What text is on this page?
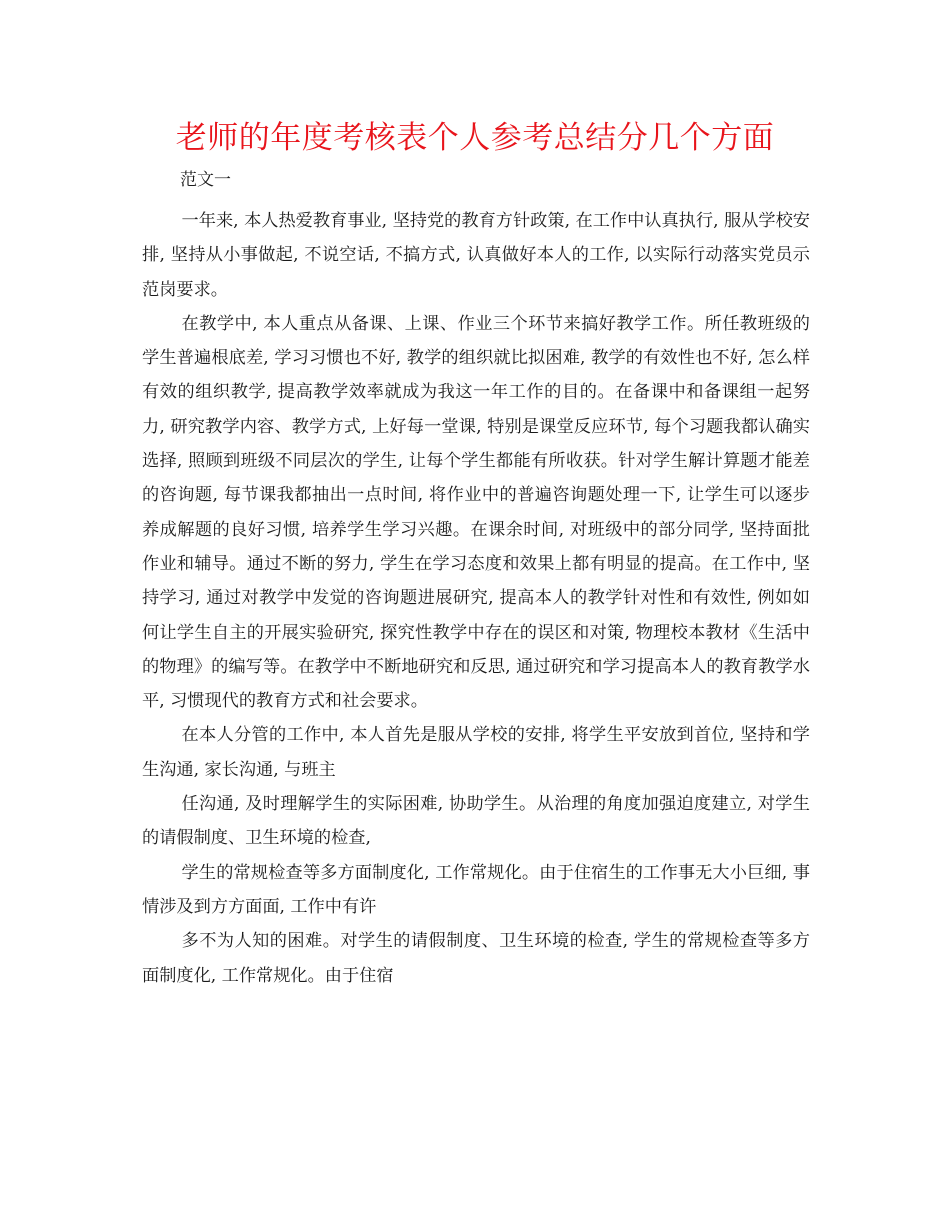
老师的年度考核表个人参考总结分几个方面
范文一

一年来, 本人热爱教育事业, 坚持党的教育方针政策, 在工作中认真执行, 服从学校安排, 坚持从小事做起, 不说空话, 不搞方式, 认真做好本人的工作, 以实际行动落实党员示范岗要求。

在教学中, 本人重点从备课、上课、作业三个环节来搞好教学工作。所任教班级的学生普遍根底差, 学习习惯也不好, 教学的组织就比拟困难, 教学的有效性也不好, 怎么样有效的组织教学, 提高教学效率就成为我这一年工作的目的。在备课中和备课组一起努力, 研究教学内容、教学方式, 上好每一堂课, 特别是课堂反应环节, 每个习题我都认确实选择, 照顾到班级不同层次的学生, 让每个学生都能有所收获。针对学生解计算题才能差的咨询题, 每节课我都抽出一点时间, 将作业中的普遍咨询题处理一下, 让学生可以逐步养成解题的良好习惯, 培养学生学习兴趣。在课余时间, 对班级中的部分同学, 坚持面批作业和辅导。通过不断的努力, 学生在学习态度和效果上都有明显的提高。在工作中, 坚持学习, 通过对教学中发觉的咨询题进展研究, 提高本人的教学针对性和有效性, 例如如何让学生自主的开展实验研究, 探究性教学中存在的误区和对策, 物理校本教材《生活中的物理》的编写等。在教学中不断地研究和反思, 通过研究和学习提高本人的教育教学水平, 习惯现代的教育方式和社会要求。

在本人分管的工作中, 本人首先是服从学校的安排, 将学生平安放到首位, 坚持和学生沟通, 家长沟通, 与班主

任沟通, 及时理解学生的实际困难, 协助学生。从治理的角度加强迫度建立, 对学生的请假制度、卫生环境的检查,

学生的常规检查等多方面制度化, 工作常规化。由于住宿生的工作事无大小巨细, 事情涉及到方方面面, 工作中有许

多不为人知的困难。对学生的请假制度、卫生环境的检查, 学生的常规检查等多方面制度化, 工作常规化。由于住宿
